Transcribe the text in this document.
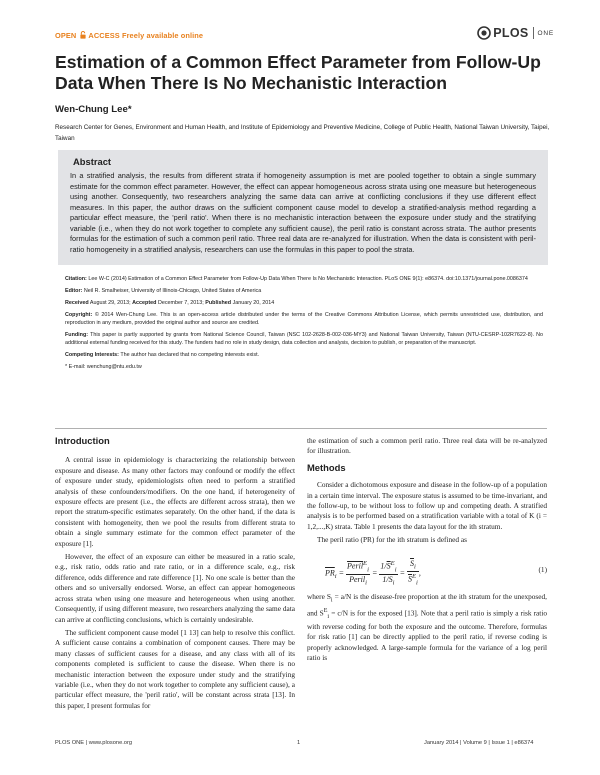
OPEN ACCESS Freely available online	PLOS ONE
Estimation of a Common Effect Parameter from Follow-Up Data When There Is No Mechanistic Interaction
Wen-Chung Lee*
Research Center for Genes, Environment and Human Health, and Institute of Epidemiology and Preventive Medicine, College of Public Health, National Taiwan University, Taipei, Taiwan
Abstract

In a stratified analysis, the results from different strata if homogeneity assumption is met are pooled together to obtain a single summary estimate for the common effect parameter. However, the effect can appear homogeneous across strata using one measure but heterogeneous using another. Consequently, two researchers analyzing the same data can arrive at conflicting conclusions if they use different effect measures. In this paper, the author draws on the sufficient component cause model to develop a stratified-analysis method regarding a particular effect measure, the 'peril ratio'. When there is no mechanistic interaction between the exposure under study and the stratifying variable (i.e., when they do not work together to complete any sufficient cause), the peril ratio is constant across strata. The author presents formulas for the estimation of such a common peril ratio. Three real data are re-analyzed for illustration. When the data is consistent with peril-ratio homogeneity in a stratified analysis, researchers can use the formulas in this paper to pool the strata.

Citation: Lee W-C (2014) Estimation of a Common Effect Parameter from Follow-Up Data When There Is No Mechanistic Interaction. PLoS ONE 9(1): e86374. doi:10.1371/journal.pone.0086374

Editor: Neil R. Smalheiser, University of Illinois-Chicago, United States of America

Received August 29, 2013; Accepted December 7, 2013; Published January 20, 2014

Copyright: © 2014 Wen-Chung Lee. This is an open-access article distributed under the terms of the Creative Commons Attribution License, which permits unrestricted use, distribution, and reproduction in any medium, provided the original author and source are credited.

Funding: This paper is partly supported by grants from National Science Council, Taiwan (NSC 102-2628-B-002-036-MY3) and National Taiwan University, Taiwan (NTU-CESRP-102R7622-8). No additional external funding received for this study. The funders had no role in study design, data collection and analysis, decision to publish, or preparation of the manuscript.

Competing Interests: The author has declared that no competing interests exist.

* E-mail: wenchung@ntu.edu.tw

Introduction

A central issue in epidemiology is characterizing the relationship between exposure and disease. As many other factors may confound or modify the effect of exposure under study, epidemiologists often need to perform a stratified analysis of these confounders/modifiers. On the one hand, if heterogeneity of exposure effects are present (i.e., the effects are different across strata), then we report the stratum-specific estimates separately. On the other hand, if the data is consistent with homogeneity, then we pool the results from different strata to obtain a single summary estimate for the common effect parameter of the exposure [1].

However, the effect of an exposure can either be measured in a ratio scale, e.g., risk ratio, odds ratio and rate ratio, or in a difference scale, e.g., risk difference, odds difference and rate difference [1]. No one scale is better than the others and so universally endorsed. Worse, an effect can appear homogeneous across strata when using one measure and heterogeneous when using another. Consequently, if using different measure, two researchers analyzing the same data can arrive at conflicting conclusions, which is certainly undesirable.

The sufficient component cause model [1 13] can help to resolve this conflict. A sufficient cause contains a combination of component causes. There may be many classes of sufficient causes for a disease, and any class with all of its components completed is sufficient to cause the disease. When there is no mechanistic interaction between the exposure under study and the stratifying variable (i.e., when they do not work together to complete any sufficient cause), a particular effect measure, the 'peril ratio', will be constant across strata [13]. In this paper, I present formulas for

the estimation of such a common peril ratio. Three real data will be re-analyzed for illustration.

Methods

Consider a dichotomous exposure and disease in the follow-up of a population in a certain time interval. The exposure status is assumed to be time-invariant, and the follow-up, to be without loss to follow up and competing death. A stratified analysis is to be performed based on a stratification variable with a total of K (i = 1,2,...,K) strata. Table 1 presents the data layout for the ith stratum.

The peril ratio (PR) for the ith stratum is defined as

$\overline{PR}_i = \frac{Peril^E_i}{Peril_i} = \frac{1/\overline{S}^E_i}{1/\overline{S}_i} = \frac{\overline{S}_i}{\overline{S}^E_i}$ ,	(1)

where $S_i = a/N$ is the disease-free proportion at the ith stratum for the unexposed, and $S^E_i = c/N$ is for the exposed [13]. Note that a peril ratio is simply a risk ratio with reverse coding for both the exposure and the outcome. Therefore, formulas for risk ratio [1] can be directly applied to the peril ratio, if reverse coding is properly acknowledged. A large-sample formula for the variance of a log peril ratio is

PLOS ONE | www.plosone.org	1	January 2014 | Volume 9 | Issue 1 | e86374
